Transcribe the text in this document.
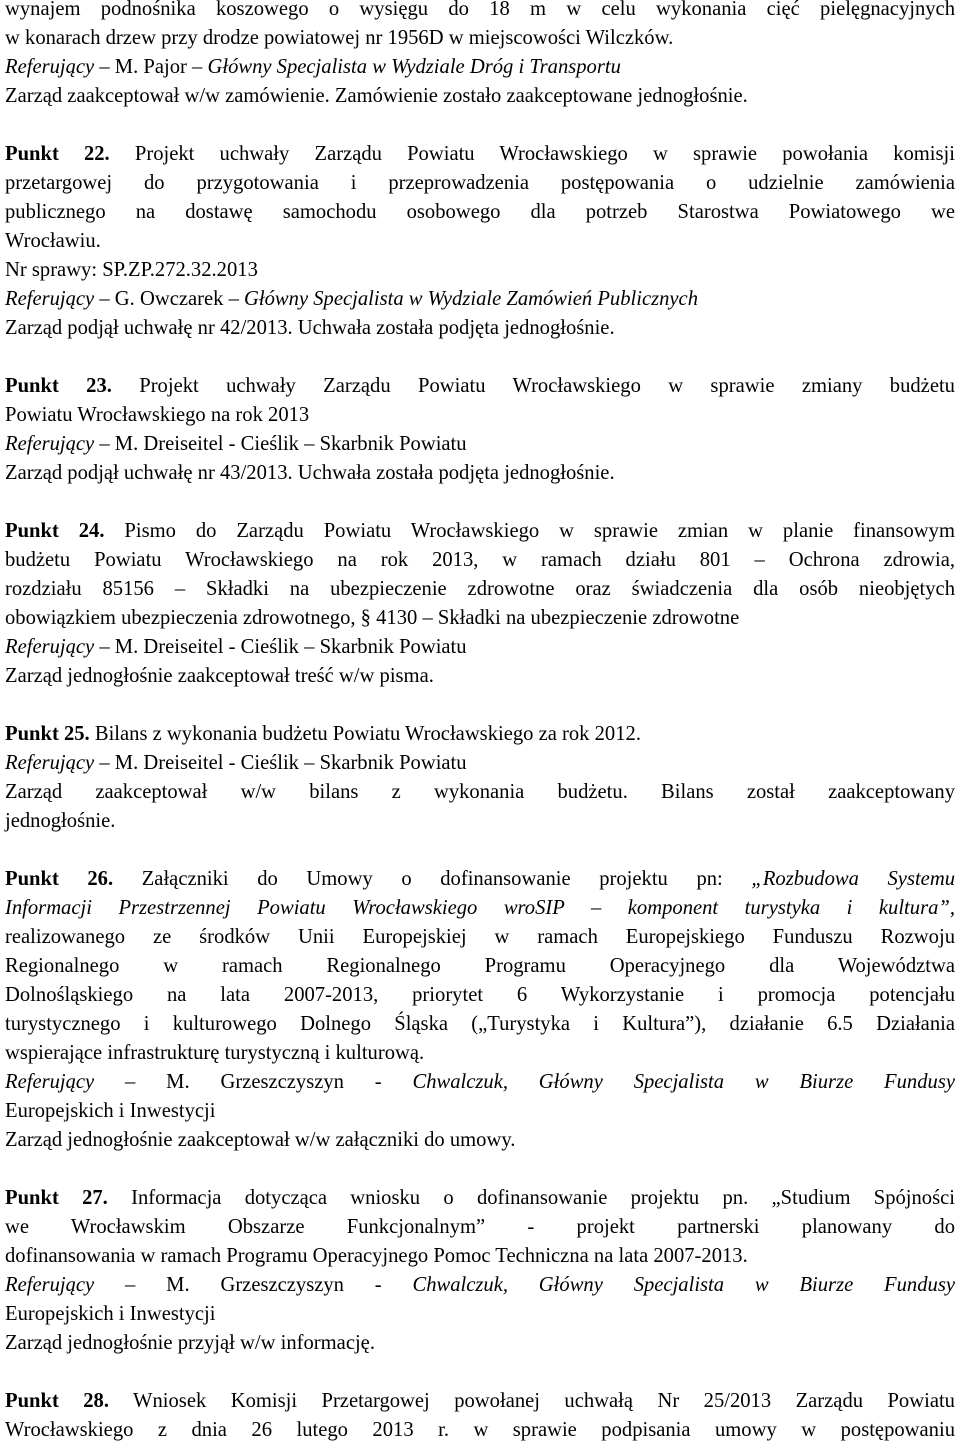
wynajem podnośnika koszowego o wysięgu do 18 m w celu wykonania cięć pielęgnacyjnych
w konarach drzew przy drodze powiatowej nr 1956D w miejscowości Wilczków.
Referujący – M. Pajor – Główny Specjalista w Wydziale Dróg i Transportu
Zarząd zaakceptował w/w zamówienie. Zamówienie zostało zaakceptowane jednogłośnie.
Punkt 22. Projekt uchwały Zarządu Powiatu Wrocławskiego w sprawie powołania komisji
przetargowej do przygotowania i przeprowadzenia postępowania o udzielnie zamówienia
publicznego na dostawę samochodu osobowego dla potrzeb Starostwa Powiatowego we
Wrocławiu.
Nr sprawy: SP.ZP.272.32.2013
Referujący – G. Owczarek – Główny Specjalista w Wydziale Zamówień Publicznych
Zarząd podjął uchwałę nr 42/2013. Uchwała została podjęta jednogłośnie.
Punkt 23. Projekt uchwały Zarządu Powiatu Wrocławskiego w sprawie zmiany budżetu
Powiatu Wrocławskiego na rok 2013
Referujący – M. Dreiseitel - Cieślik – Skarbnik Powiatu
Zarząd podjął uchwałę nr 43/2013. Uchwała została podjęta jednogłośnie.
Punkt 24. Pismo do Zarządu Powiatu Wrocławskiego w sprawie zmian w planie finansowym
budżetu Powiatu Wrocławskiego na rok 2013, w ramach działu 801 – Ochrona zdrowia,
rozdziału 85156 – Składki na ubezpieczenie zdrowotne oraz świadczenia dla osób nieobjętych
obowiązkiem ubezpieczenia zdrowotnego, § 4130 – Składki na ubezpieczenie zdrowotne
Referujący – M. Dreiseitel - Cieślik – Skarbnik Powiatu
Zarząd jednogłośnie zaakceptował treść w/w pisma.
Punkt 25. Bilans z wykonania budżetu Powiatu Wrocławskiego za rok 2012.
Referujący – M. Dreiseitel - Cieślik – Skarbnik Powiatu
Zarząd zaakceptował w/w bilans z wykonania budżetu. Bilans został zaakceptowany
jednogłośnie.
Punkt 26. Załączniki do Umowy o dofinansowanie projektu pn: „Rozbudowa Systemu
Informacji Przestrzennej Powiatu Wrocławskiego wroSIP – komponent turystyka i kultura”,
realizowanego ze środków Unii Europejskiej w ramach Europejskiego Funduszu Rozwoju
Regionalnego w ramach Regionalnego Programu Operacyjnego dla Województwa
Dolnośląskiego na lata 2007-2013, priorytet 6 Wykorzystanie i promocja potencjału
turystycznego i kulturowego Dolnego Śląska („Turystyka i Kultura”), działanie 6.5 Działania
wspierające infrastrukturę turystyczną i kulturową.
Referujący – M. Grzeszczyszyn - Chwalczuk, Główny Specjalista w Biurze Fundusy
Europejskich i Inwestycji
Zarząd jednogłośnie zaakceptował w/w załączniki do umowy.
Punkt 27. Informacja dotycząca wniosku o dofinansowanie projektu pn. „Studium Spójności
we Wrocławskim Obszarze Funkcjonalnym” - projekt partnerski planowany do
dofinansowania w ramach Programu Operacyjnego Pomoc Techniczna na lata 2007-2013.
Referujący – M. Grzeszczyszyn - Chwalczuk, Główny Specjalista w Biurze Fundusy
Europejskich i Inwestycji
Zarząd jednogłośnie przyjął w/w informację.
Punkt 28. Wniosek Komisji Przetargowej powołanej uchwałą Nr 25/2013 Zarządu Powiatu
Wrocławskiego z dnia 26 lutego 2013 r. w sprawie podpisania umowy w postępowaniu
